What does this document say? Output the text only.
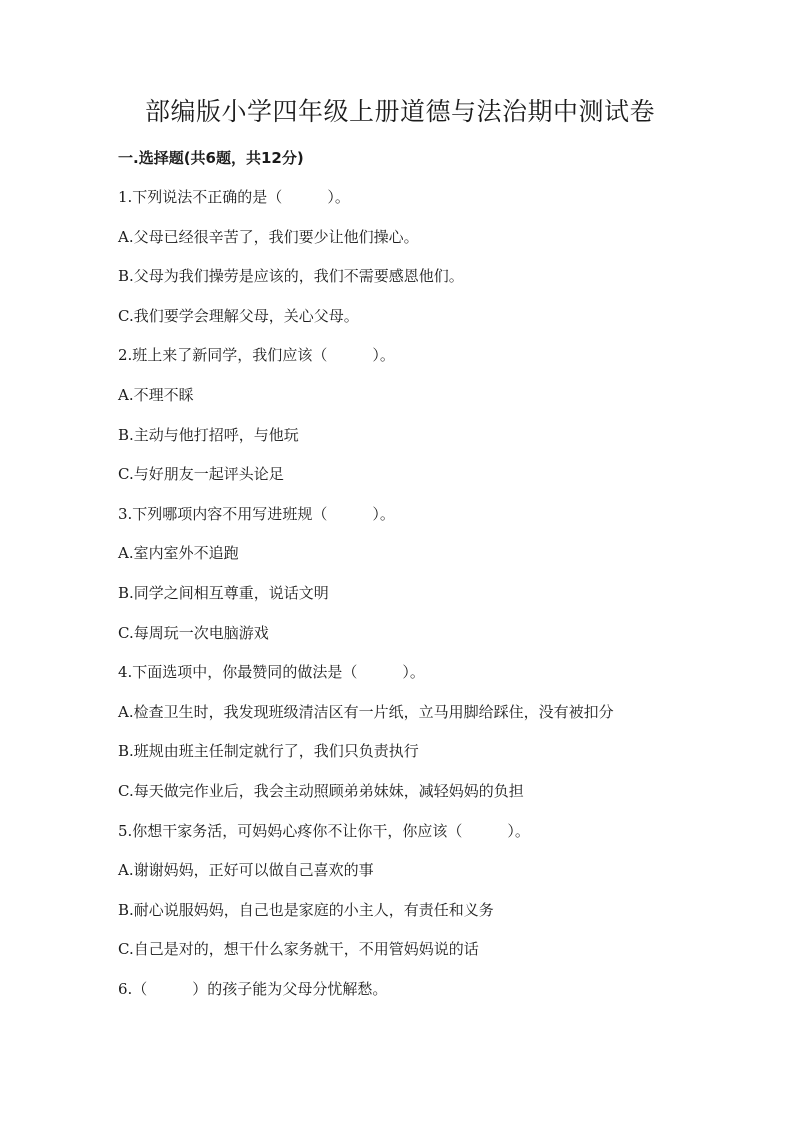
部编版小学四年级上册道德与法治期中测试卷
一.选择题(共6题，共12分)
1.下列说法不正确的是（　　　）。
A.父母已经很辛苦了，我们要少让他们操心。
B.父母为我们操劳是应该的，我们不需要感恩他们。
C.我们要学会理解父母，关心父母。
2.班上来了新同学，我们应该（　　　）。
A.不理不睬
B.主动与他打招呼，与他玩
C.与好朋友一起评头论足
3.下列哪项内容不用写进班规（　　　）。
A.室内室外不追跑
B.同学之间相互尊重，说话文明
C.每周玩一次电脑游戏
4.下面选项中，你最赞同的做法是（　　　）。
A.检查卫生时，我发现班级清洁区有一片纸，立马用脚给踩住，没有被扣分
B.班规由班主任制定就行了，我们只负责执行
C.每天做完作业后，我会主动照顾弟弟妹妹，减轻妈妈的负担
5.你想干家务活，可妈妈心疼你不让你干，你应该（　　　）。
A.谢谢妈妈，正好可以做自己喜欢的事
B.耐心说服妈妈，自己也是家庭的小主人，有责任和义务
C.自己是对的，想干什么家务就干，不用管妈妈说的话
6.（　　　）的孩子能为父母分忧解愁。
